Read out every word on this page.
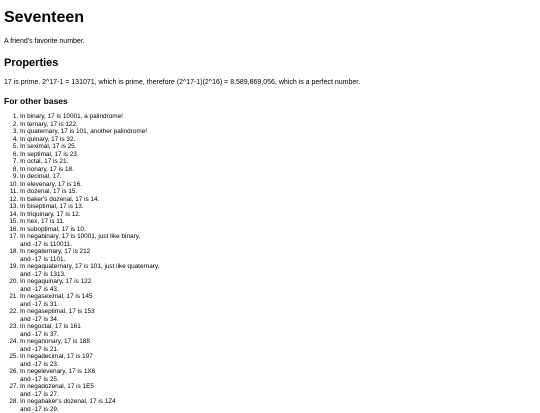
Seventeen

A friend's favorite number.

Properties

17 is prime. 2^17-1 = 131071, which is prime, therefore (2^17-1)(2^16) = 8,589,869,056, which is a perfect number.

For other bases
1. In binary, 17 is 10001, a palindrome!
2. In ternary, 17 is 122.
3. In quaternary, 17 is 101, another palindrome!
4. In quinary, 17 is 32.
5. In seximal, 17 is 25.
6. In septimal, 17 is 23.
7. In octal, 17 is 21.
8. In nonary, 17 is 18.
9. In decimal, 17.
10. In elevenary, 17 is 16.
11. In dozenal, 17 is 15.
12. In baker's dozenal, 17 is 14.
13. In biseptimal, 17 is 13.
14. In triquinary, 17 is 12.
15. In hex, 17 is 11.
16. In suboptimal, 17 is 10.
17. In negabinary, 17 is 10001, just like binary,
and -17 is 110011.
18. In negaternary, 17 is 212
and -17 is 1101.
19. In negaquaternary, 17 is 101, just like quaternary,
and -17 is 1313.
20. In negaquinary, 17 is 122
and -17 is 43.
21. In negaseximal, 17 is 145
and -17 is 31.
22. In negaseptimal, 17 is 153
and -17 is 34.
23. In negoctal, 17 is 161
and -17 is 37.
24. In neganonary, 17 is 188
and -17 is 21.
25. In negadecimal, 17 is 197
and -17 is 23.
26. In negelevenary, 17 is 1X6
and -17 is 25.
27. In negadozenal, 17 is 1E5
and -17 is 27.
28. In negabaker's dozenal, 17 is 1Z4
and -17 is 29.
